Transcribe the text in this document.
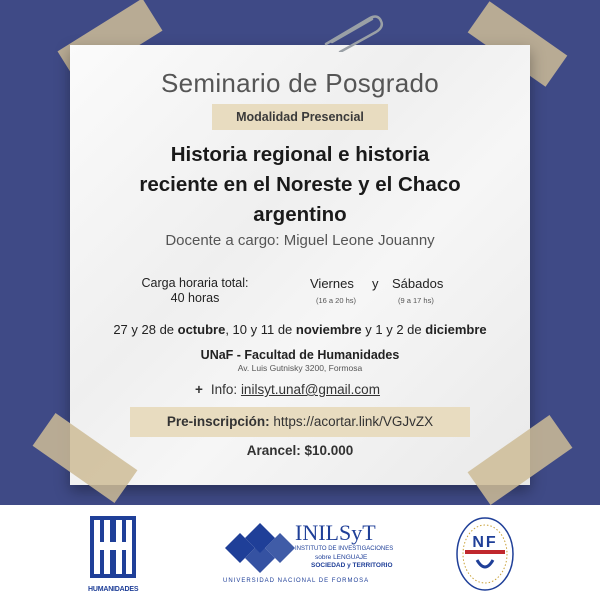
Seminario de Posgrado
Modalidad Presencial
Historia regional e historia
reciente en el Noreste y el Chaco
argentino
Docente a cargo: Miguel Leone Jouanny
Carga horaria total:
40 horas
Viernes y Sábados
(16 a 20 hs)	(9 a 17 hs)
27 y 28 de octubre, 10 y 11 de noviembre y 1 y 2 de diciembre
UNaF - Facultad de Humanidades
Av. Luis Gutnisky 3200, Formosa
+ Info: inilsyt.unaf@gmail.com
Pre-inscripción: https://acortar.link/VGJvZX
Arancel: $10.000
HUMANIDADES
INILSyT
INSTITUTO DE INVESTIGACIONES
sobre LENGUAJE
SOCIEDAD y TERRITORIO
UNIVERSIDAD NACIONAL DE FORMOSA
NF
